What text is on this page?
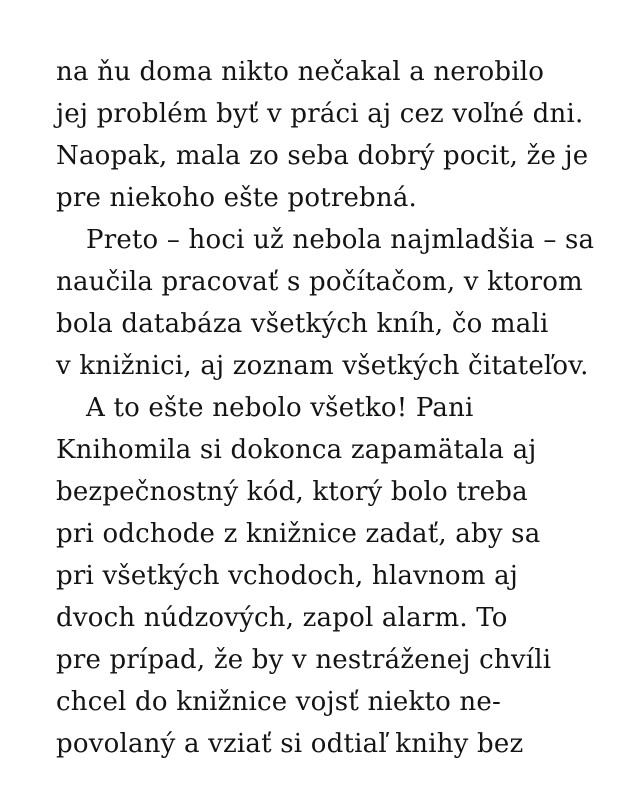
na ňu doma nikto nečakal a nerobilo
jej problém byť v práci aj cez voľné dni.
Naopak, mala zo seba dobrý pocit, že je
pre niekoho ešte potrebná.
Preto – hoci už nebola najmladšia – sa
naučila pracovať s počítačom, v ktorom
bola databáza všetkých kníh, čo mali
v knižnici, aj zoznam všetkých čitateľov.
A to ešte nebolo všetko! Pani
Knihomila si dokonca zapamätala aj
bezpečnostný kód, ktorý bolo treba
pri odchode z knižnice zadať, aby sa
pri všetkých vchodoch, hlavnom aj
dvoch núdzových, zapol alarm. To
pre prípad, že by v nestráženej chvíli
chcel do knižnice vojsť niekto ne-
povolaný a vziať si odtiaľ knihy bez
